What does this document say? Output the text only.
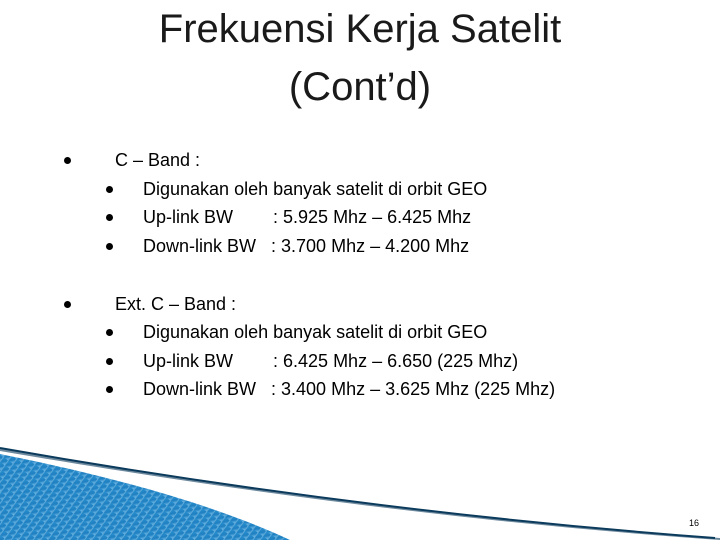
Frekuensi Kerja Satelit
(Cont’d)
C – Band :
Digunakan oleh banyak satelit di orbit GEO
Up-link BW        : 5.925 Mhz – 6.425 Mhz
Down-link BW   : 3.700 Mhz – 4.200 Mhz
Ext. C – Band :
Digunakan oleh banyak satelit di orbit GEO
Up-link BW        : 6.425 Mhz – 6.650 (225 Mhz)
Down-link BW   : 3.400 Mhz – 3.625 Mhz (225 Mhz)
16
